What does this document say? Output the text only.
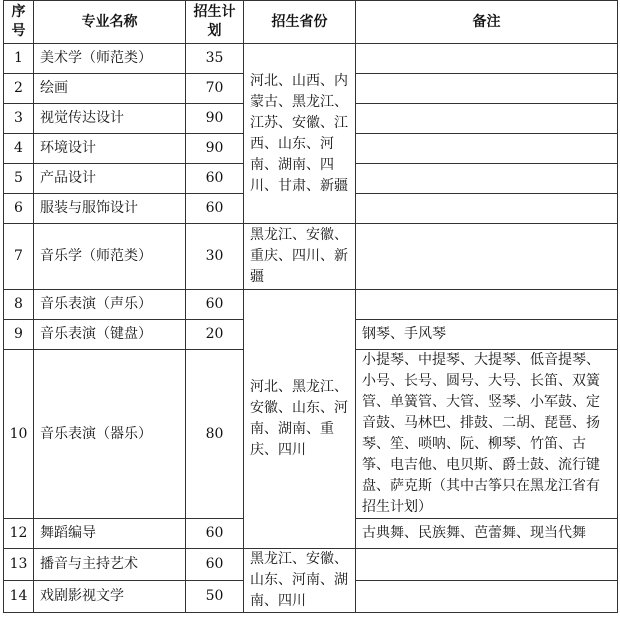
序号	专业名称	招生计划	招生省份	备注
1	美术学（师范类）	35	河北、山西、内蒙古、黑龙江、江苏、安徽、江西、山东、河南、湖南、四川、甘肃、新疆	
2	绘画	70		
3	视觉传达设计	90		
4	环境设计	90		
5	产品设计	60		
6	服装与服饰设计	60		
7	音乐学（师范类）	30	黑龙江、安徽、重庆、四川、新疆	
8	音乐表演（声乐）	60	河北、黑龙江、安徽、山东、河南、湖南、重庆、四川	
9	音乐表演（键盘）	20		钢琴、手风琴
10	音乐表演（器乐）	80		小提琴、中提琴、大提琴、低音提琴、小号、长号、圆号、大号、长笛、双簧管、单簧管、大管、竖琴、小军鼓、定音鼓、马林巴、排鼓、二胡、琵琶、扬琴、笙、唢呐、阮、柳琴、竹笛、古筝、电吉他、电贝斯、爵士鼓、流行键盘、萨克斯（其中古筝只在黑龙江省有招生计划）
12	舞蹈编导	60		古典舞、民族舞、芭蕾舞、现当代舞
13	播音与主持艺术	60	黑龙江、安徽、山东、河南、湖南、四川	
14	戏剧影视文学	50		
